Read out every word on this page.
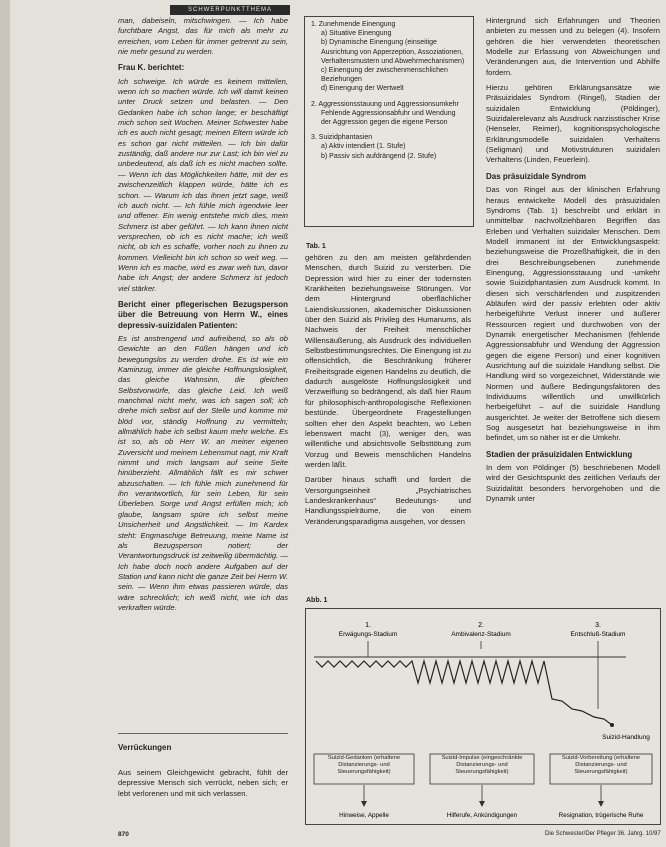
SCHWERPUNKTTHEMA

man, dabeiseln, mitschwingen. — Ich habe furchtbare Angst, das für mich als mehr zu erreichen, vom Leben für immer getrennt zu sein, nie mehr gesund zu werden.

Frau K. berichtet:

Ich schweige. Ich würde es keinem mitteilen, wenn ich so machen würde. Ich will damit keinen unter Druck setzen und belasten. — Den Gedanken habe ich schon lange; er beschäftigt mich schon seit Wochen. Meiner Schwester habe ich es auch nicht gesagt; meinen Eltern würde ich es schon gar nicht mitteilen. — Ich bin dafür zuständig, daß andere nur zur Last; ich bin viel zu unbedeutend, als daß ich es nicht machen sollte. — Wenn ich das Möglichkeiten hätte, mit der es zwischenzeitlich klappen würde, hätte ich es schon. — Warum ich das ihnen jetzt sage, weiß ich auch nicht. — Ich fühle mich irgendwie leer und offener. Ein wenig entstehe mich dies, mein Schmerz ist aber geführt. — Ich kann ihnen nicht versprechen, ob ich es nicht mache; ich weiß nicht, ob ich es schaffe, vorher noch zu ihnen zu kommen. Vielleicht bin ich schon so weit weg. — Wenn ich es mache, wird es zwar weh tun, davor habe ich Angst; der andere Schmerz ist jedoch viel stärker.

Bericht einer pflegerischen Bezugsperson über die Betreuung von Herrn W., eines depressiv-suizidalen Patienten:

Es ist anstrengend und aufreibend, so als ob Gewichte an den Füßen hängen und ich bewegungslos zu werden drohe. Es ist wie ein Kaminzug, immer die gleiche Hoffnungslosigkeit, das gleiche Wahnsinn, die gleichen Selbstvorwürfe, das gleiche Leid. Ich weiß manchmal nicht mehr, was ich sagen soll; ich drehe mich selbst auf der Stelle und komme mir blöd vor, ständig Hoffnung zu vermitteln; allmählich habe ich selbst kaum mehr welche. Es ist so, als ob Herr W. an meiner eigenen Zuversicht und meinem Lebensmut nagt, mir Kraft nimmt und mich langsam auf seine Seite hinüberzieht. Allmählich fällt es mir schwer abzuschalten. — Ich fühle mich zunehmend für ihn verantwortlich, für sein Leben, für sein Überleben. Sorge und Angst erfüllen mich; ich glaube, langsam spüre ich selbst meine Unsicherheit und Angstlichkeit. — Im Kardex steht: Engmaschige Betreuung, meine Name ist als Bezugsperson notiert; der Verantwortungsdruck ist zeitweilig übermächtig. — Ich habe doch noch andere Aufgaben auf der Station und kann nicht die ganze Zeit bei Herrn W. sein. — Wenn ihm etwas passieren würde, das wäre schrecklich; ich weiß nicht, wie ich das verkraften würde.

Verrückungen

Aus seinem Gleichgewicht gebracht, fühlt der depressive Mensch sich verrückt, neben sich; er lebt verlorenen und mit sich verlassen.

1. Zunehmende Einengung
a) Situative Einengung
b) Dynamische Einengung (einseitige Ausrichtung von Apperzeption, Assoziationen, Verhaltensmustern und Abwehrmechanismen)
c) Einengung der zwischenmenschlichen Beziehungen
d) Einengung der Wertwelt
2. Aggressionsstauung und Aggressionsumkehr
Fehlende Aggressionsabfuhr und Wendung der Aggression gegen die eigene Person
3. Suizidphantasien
a) Aktiv intendiert (1. Stufe)
b) Passiv sich aufdrängend (2. Stufe)
Tab. 1

gehören zu den am meisten gefährdenden Menschen, durch Suizid zu versterben. Die Depression wird hier zu einer der todernsten Krankheiten beziehungsweise Störungen. Vor dem Hintergrund oberflächlicher Laiendiskussionen, akademischer Diskussionen über den Suizid als Privileg des Humanums, als Nachweis der Freiheit menschlicher Willensäußerung, als Ausdruck des individuellen Selbstbestimmungsrechtes. Die Einengung ist zu offensichtlich, die Beschränkung früherer Freiheitsgrade eigenen Handelns zu deutlich, die dadurch ausgelöste Hoffnungslosigkeit und Verzweiflung so bedrängend, als daß hier Raum für philosophisch-anthropologische Reflexionen bestünde. Übergeordnete Fragestellungen sollten eher den Aspekt beachten, wo Leben lebenswert macht (3), weniger den, was willentliche und absichtsvolle Selbsttötung zum Vorzug und Beweis menschlichen Handelns werden läßt.

Darüber hinaus schafft und fordert die Versorgungseinheit „Psychiatrisches Landeskrankenhaus“ Bedeutungs- und Handlungsspielräume, die von einem Veränderungsparadigma ausgehen, vor dessen

Hintergrund sich Erfahrungen und Theorien anbieten zu messen und zu belegen (4). Insofern gehören die hier verwendeten theoretischen Modelle zur Erfassung von Abweichungen und Veränderungen aus, die Intervention und Abhilfe fordern.

Hierzu gehören Erklärungsansätze wie Präsuizidales Syndrom (Ringel), Stadien der suizidalen Entwicklung (Pöldinger), Suizidalerelevanz als Ausdruck narzisstischer Krise (Henseler, Reimer), kognitionspsychologische Erklärungsmodelle suizidalen Verhaltens (Seligman) und Motivstrukturen suizidalen Verhaltens (Linden, Feuerlein).

Das präsuizidale Syndrom

Das von Ringel aus der klinischen Erfahrung heraus entwickelte Modell des präsuizidalen Syndroms (Tab. 1) beschreibt und erklärt in unmittelbar nachvollziehbaren Begriffen das Erleben und Verhalten suizidaler Menschen. Dem Modell immanent ist der Entwicklungsaspekt: beziehungsweise die Prozeßhaftigkeit, die in den drei Beschreibungsebenen zunehmende Einengung, Aggressionsstauung und -umkehr sowie Suizidphantasien zum Ausdruck kommt. In diesen sich verschärfenden und zuspitzenden Abläufen wird der passiv erlebten oder aktiv herbeigeführte Verlust innerer und äußerer Ressourcen regiert und durchwoben von der Dynamik energetischer Mechanismen (fehlende Aggressionsabfuhr und Wendung der Aggression gegen die eigene Person) und einer kognitiven Ausrichtung auf die suizidale Handlung selbst. Die Handlung wird so vorgezeichnet, Widerstände wie Normen und äußere Bedingungsfaktoren des Individuums willentlich und unwillkürlich herbeigeführt – auf die suizidale Handlung ausgerichtet. Je weiter der Betroffene sich diesem Sog ausgesetzt hat beziehungsweise in ihm befindet, um so näher ist er die Umkehr.

Stadien der präsuizidalen Entwicklung

In dem von Pöldinger (5) beschriebenen Modell wird der Gesichtspunkt des zeitlichen Verlaufs der Suizidalität besonders hervorgehoben und die Dynamik unter

Abb. 1
1.
Erwägungs-Stadium
2.
Ambivalenz-Stadium
3.
Entschluß-Stadium
Suizid-Handlung
Suizid-Gedanken (erhaltene Distanzierungs- und Steuerungsfähigkeit)
Suizid-Impulse (eingeschränkte Distanzierungs- und Steuerungsfähigkeit)
Suizid-Vorbereitung (erhaltene Distanzierungs- und Steuerungsfähigkeit)
Hinweise, Appelle	Hilferufe, Ankündigungen	Resignation, trügerische Ruhe
870	Die Schwester/Der Pfleger 36. Jahrg. 10/97
